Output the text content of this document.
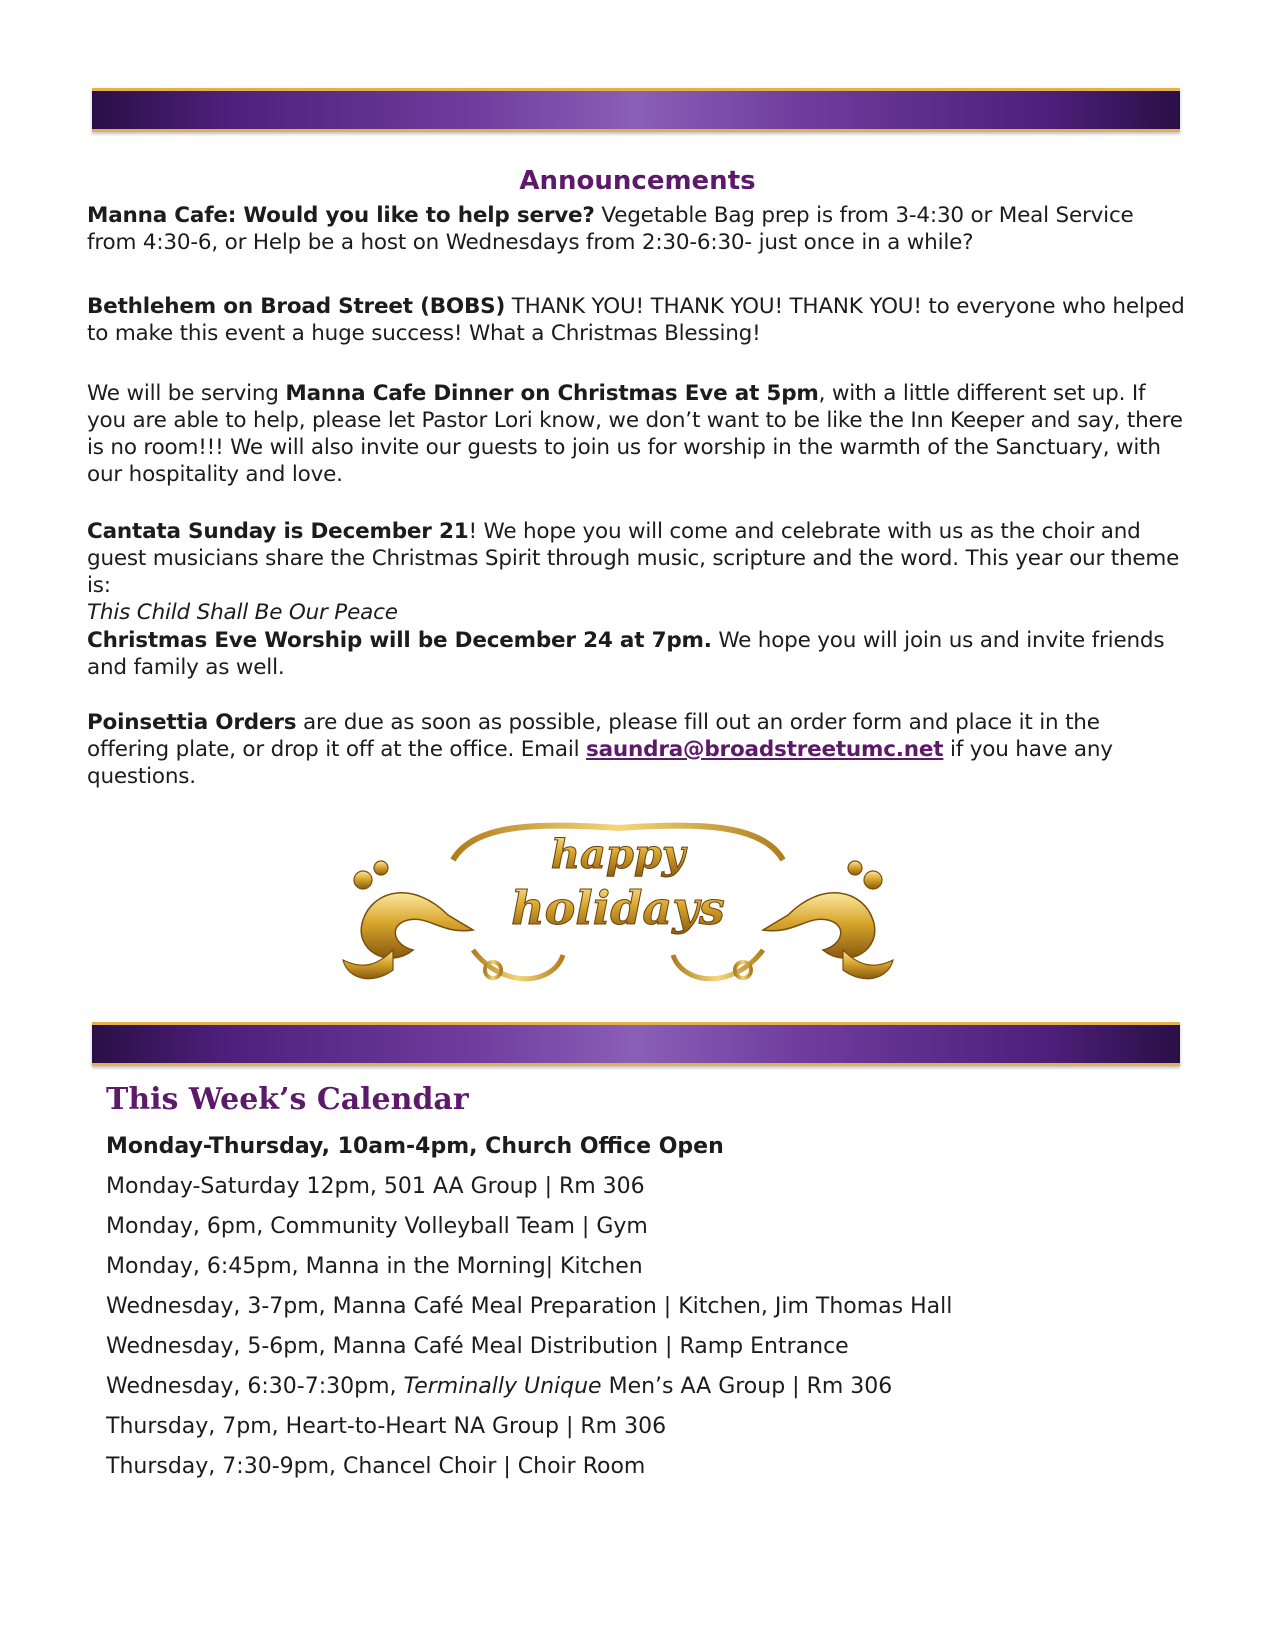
Announcements
Manna Cafe: Would you like to help serve? Vegetable Bag prep is from 3-4:30 or Meal Service from 4:30-6, or Help be a host on Wednesdays from 2:30-6:30- just once in a while?
Bethlehem on Broad Street (BOBS) THANK YOU! THANK YOU! THANK YOU! to everyone who helped to make this event a huge success! What a Christmas Blessing!
We will be serving Manna Cafe Dinner on Christmas Eve at 5pm, with a little different set up. If you are able to help, please let Pastor Lori know, we don’t want to be like the Inn Keeper and say, there is no room!!! We will also invite our guests to join us for worship in the warmth of the Sanctuary, with our hospitality and love.
Cantata Sunday is December 21! We hope you will come and celebrate with us as the choir and guest musicians share the Christmas Spirit through music, scripture and the word. This year our theme is:
This Child Shall Be Our Peace
Christmas Eve Worship will be December 24 at 7pm. We hope you will join us and invite friends and family as well.
Poinsettia Orders are due as soon as possible, please fill out an order form and place it in the offering plate, or drop it off at the office. Email saundra@broadstreetumc.net if you have any questions.
happy
holidays
This Week’s Calendar
Monday-Thursday, 10am-4pm, Church Office Open
Monday-Saturday 12pm, 501 AA Group | Rm 306
Monday, 6pm, Community Volleyball Team | Gym
Monday, 6:45pm, Manna in the Morning| Kitchen
Wednesday, 3-7pm, Manna Café Meal Preparation | Kitchen, Jim Thomas Hall
Wednesday, 5-6pm, Manna Café Meal Distribution | Ramp Entrance
Wednesday, 6:30-7:30pm, Terminally Unique Men’s AA Group | Rm 306
Thursday, 7pm, Heart-to-Heart NA Group | Rm 306
Thursday, 7:30-9pm, Chancel Choir | Choir Room
